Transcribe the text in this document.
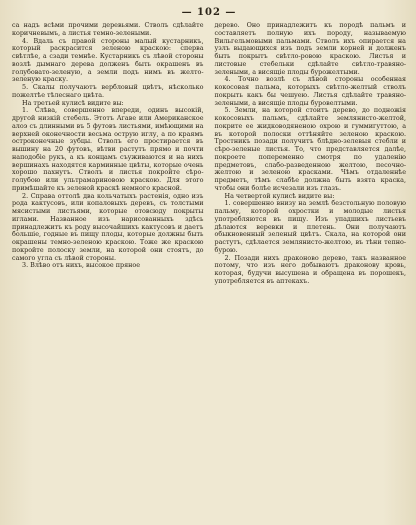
— 102 —

са надъ всѣми прочими деревьями. Стволъ сдѣлайте коричневымъ, а листья темно-зелеными.

4. Вдаль съ правой стороны малый кустарникъ, который раскрасится зеленою краскою: сперва свѣтлѣе, а сзади темнѣе. Кустарникъ съ лѣвой стороны возлѣ дымнаго дерева долженъ быть окрашенъ въ голубовато-зеленую, а земли подъ нимъ въ желто-зеленую краску.

5. Скалы получаютъ вербловый цвѣтъ, нѣсколько пожелтѣе тѣлеснаго цвѣта.

На третьей кулисѣ видите вы:

1. Слѣва, совершенно впереди, одинъ высокій, другой низкій стебель. Этотъ Агаве или Американское алоэ съ длинными въ 5 футовъ листьями, имѣющими на верхней оконечности весьма острую иглу, а по краямъ остроконечные зубцы. Стволъ его простирается въ вышину на 20 футовъ, вѣтви растутъ прямо и почти наподобіе рукъ, а къ концамъ съуживаются и на нихъ вершинахъ находятся карминные цвѣты, которые очень хорошо пахнутъ. Стволъ и листья покройте сѣро-голубою или ультрамариновою краскою. Для этого примѣшайте къ зеленой краскѣ немного красной.

2. Справа оттолѣ два кольчатыхъ растенія, одно изъ рода кактусовъ, или копаловыхъ деревъ, съ толстыми мясистыми листьями, которые отовсюду покрыты иглами. Названное изъ нарисованныхъ здѣсь принадлежитъ къ роду высочайшихъ кактусовъ и даетъ большіе, годные въ пищу плоды, которые должны быть окрашены темно-зеленою краскою. Тоже же краскою покройте полоску земли, на которой они стоятъ, до самого угла съ лѣвой стороны.

3. Влѣво отъ нихъ, высокое пряное

дерево. Оно принадлежитъ къ породѣ пальмъ и составляетъ полную ихъ породу, называемую Вильгельмовыми пальмами. Стволъ ихъ опирается на узлъ выдающихся изъ подъ земли корней и долженъ быть покрытъ свѣтло-ровою краскою. Листья и листовые стебельки сдѣлайте свѣтло-травяно-зелеными, а висящіе плоды бурожелтыми.

4. Точно возлѣ съ лѣвой стороны особенная кокосовая пальма, которыхъ свѣтло-желтый стволъ покрыть какъ бы чешуею. Листья сдѣлайте травяно-зелеными, а висящіе плоды буровелтыми.

5. Земли, на которой стоитъ дерево, до подножія кокосовыхъ пальмъ, сдѣлайте землянисто-желтой, покрите ее жидководяненою охрою и гуммигуттою, а въ которой полоски оттѣняйте зеленою краскою. Тростникъ позади получитъ блѣдно-зелевыя стебли и сѣро-зеленые листья. То, что представляется далѣе, покроете попеременно смотря по удаленію предметовъ, слабо-разведенною желтою, песочно-желтою и зеленою красками. Чѣмъ отдаленнѣе предметъ, тѣмъ слабѣе должна быть взята краска, чтобы они болѣе исчезали изъ глазъ.

На четвертой кулисѣ видите вы:

1. совершенно внизу на землѣ безстольную половую пальму, которой охростки и молодые листья употребляются въ пищу. Изъ упадшихъ листьевъ дѣлаются веревки и плетень. Они получаютъ обыкновенный зеленый цвѣтъ. Скала, на которой они растутъ, сдѣлается землянисто-желтою, въ тѣни тепно-бурою.

2. Позади нихъ драконово дерево, такъ названное потому, что изъ него добываютъ драконову кровь, которая, будучи высушена и обращена въ порошекъ, употребляется въ аптекахъ.
